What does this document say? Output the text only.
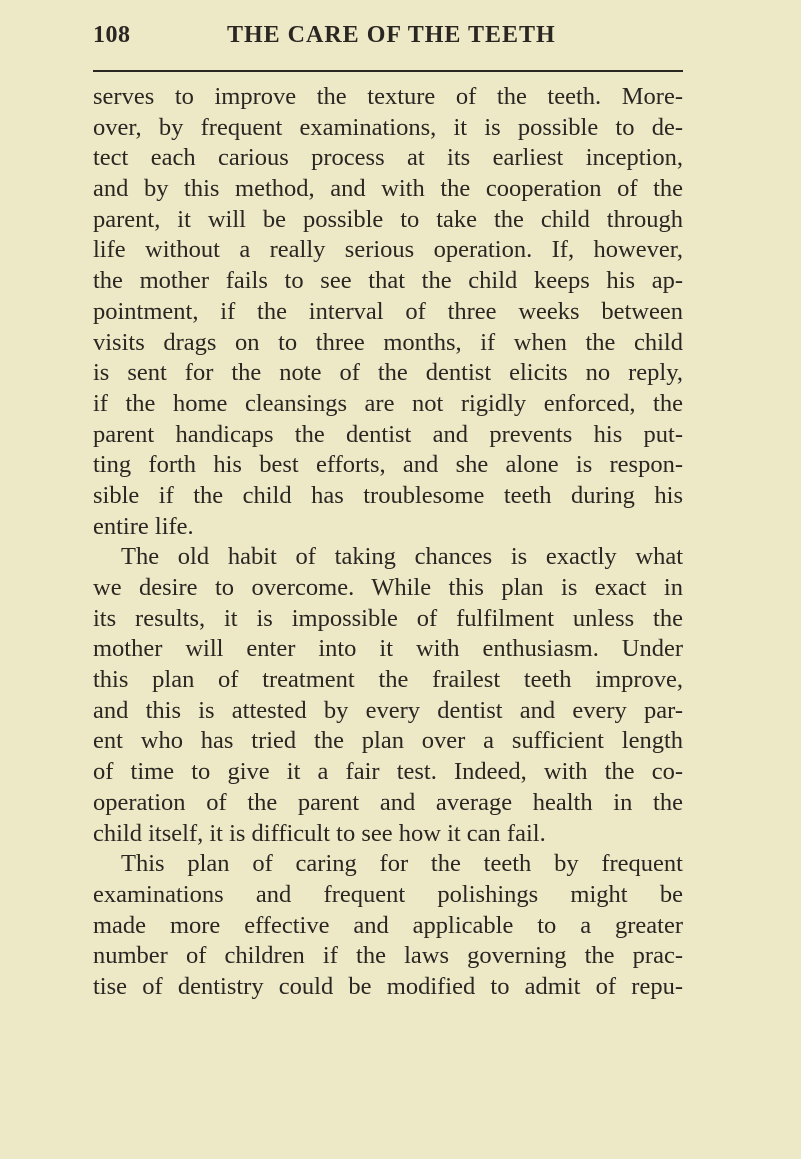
108	THE CARE OF THE TEETH
serves to improve the texture of the teeth. More-
over, by frequent examinations, it is possible to de-
tect each carious process at its earliest inception,
and by this method, and with the cooperation of the
parent, it will be possible to take the child through
life without a really serious operation. If, however,
the mother fails to see that the child keeps his ap-
pointment, if the interval of three weeks between
visits drags on to three months, if when the child
is sent for the note of the dentist elicits no reply,
if the home cleansings are not rigidly enforced, the
parent handicaps the dentist and prevents his put-
ting forth his best efforts, and she alone is respon-
sible if the child has troublesome teeth during his
entire life.
The old habit of taking chances is exactly what
we desire to overcome. While this plan is exact in
its results, it is impossible of fulfilment unless the
mother will enter into it with enthusiasm. Under
this plan of treatment the frailest teeth improve,
and this is attested by every dentist and every par-
ent who has tried the plan over a sufficient length
of time to give it a fair test. Indeed, with the co-
operation of the parent and average health in the
child itself, it is difficult to see how it can fail.
This plan of caring for the teeth by frequent
examinations and frequent polishings might be
made more effective and applicable to a greater
number of children if the laws governing the prac-
tise of dentistry could be modified to admit of repu-
